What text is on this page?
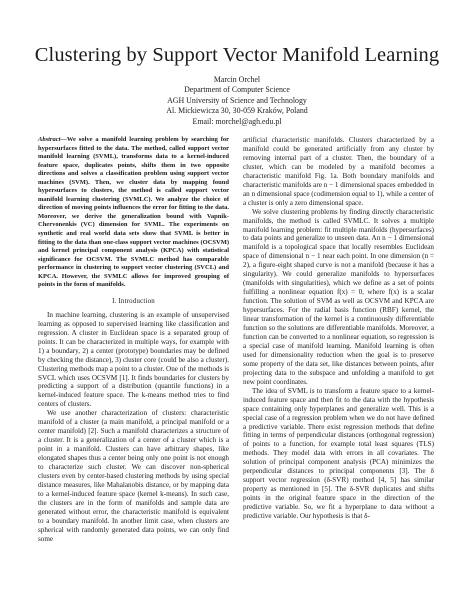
Clustering by Support Vector Manifold Learning
Marcin Orchel
Department of Computer Science
AGH University of Science and Technology
Al. Mickiewicza 30, 30-059 Kraków, Poland
Email: morchel@agh.edu.pl

Abstract—We solve a manifold learning problem by searching for hypersurfaces fitted to the data. The method, called support vector manifold learning (SVML), transforms data to a kernel-induced feature space, duplicates points, shifts them in two opposite directions and solves a classification problem using support vector machines (SVM). Then, we cluster data by mapping found hypersurfaces to clusters, the method is called support vector manifold learning clustering (SVMLC). We analyze the choice of direction of moving points influences the error for fitting to the data. Moreover, we derive the generalization bound with Vapnik-Chervonenkis (VC) dimension for SVML. The experiments on synthetic and real world data sets show that SVML is better in fitting to the data than one-class support vector machines (OCSVM) and kernel principal component analysis (KPCA) with statistical significance for OCSVM. The SVMLC method has comparable performance in clustering to support vector clustering (SVCL) and KPCA. However, the SVMLC allows for improved grouping of points in the form of manifolds.

I. Introduction

In machine learning, clustering is an example of unsupervised learning as opposed to supervised learning like classification and regression. A cluster in Euclidean space is a separated group of points. It can be characterized in multiple ways, for example with 1) a boundary, 2) a center (prototype) boundaries may be defined by checking the distance), 3) cluster core (could be also a cluster). Clustering methods map a point to a cluster. One of the methods is SVCL which uses OCSVM [1]. It finds boundaries for clusters by predicting a support of a distribution (quantile functions) in a kernel-induced feature space. The k-means method tries to find centers of clusters.

We use another characterization of clusters: characteristic manifold of a cluster (a main manifold, a principal manifold or a center manifold) [2]. Such a manifold characterizes a structure of a cluster. It is a generalization of a center of a cluster which is a point in a manifold. Clusters can have arbitrary shapes, like elongated shapes thus a center being only one point is not enough to characterize such cluster. We can discover non-spherical clusters even by center-based clustering methods by using special distance measures, like Mahalanobis distance, or by mapping data to a kernel-induced feature space (kernel k-means). In such case, the clusters are in the form of manifolds and sample data are generated without error, the characteristic manifold is equivalent to a boundary manifold. In another limit case, when clusters are spherical with randomly generated data points, we can only find some

artificial characteristic manifolds. Clusters characterized by a manifold could be generated artificially from any cluster by removing internal part of a cluster. Then, the boundary of a cluster, which can be modeled by a manifold becomes a characteristic manifold Fig. 1a. Both boundary manifolds and characteristic manifolds are n − 1 dimensional spaces embedded in an n dimensional space (codimension equal to 1), while a center of a cluster is only a zero dimensional space.

We solve clustering problems by finding directly characteristic manifolds, the method is called SVMLC. It solves a multiple manifold learning problem: fit multiple manifolds (hypersurfaces) to data points and generalize to unseen data. An n − 1 dimensional manifold is a topological space that locally resembles Euclidean space of dimensional n − 1 near each point. In one dimension (n = 2), a figure-eight shaped curve is not a manifold (because it has a singularity). We could generalize manifolds to hypersurfaces (manifolds with singularities), which we define as a set of points fulfilling a nonlinear equation f(x) = 0, where f(x) is a scalar function. The solution of SVM as well as OCSVM and KPCA are hypersurfaces. For the radial basis function (RBF) kernel, the linear transformation of the kernel is a continuously differentiable function so the solutions are differentiable manifolds. Moreover, a function can be converted to a nonlinear equation, so regression is a special case of manifold learning. Manifold learning is often used for dimensionality reduction when the goal is to preserve some property of the data set, like distances between points, after projecting data to the subspace and unfolding a manifold to get new point coordinates.

The idea of SVML is to transform a feature space to a kernel-induced feature space and then fit to the data with the hypothesis space containing only hyperplanes and generalize well. This is a special case of a regression problem when we do not have defined a predictive variable. There exist regression methods that define fitting in terms of perpendicular distances (orthogonal regression) of points to a function, for example total least squares (TLS) methods. They model data with errors in all covariates. The solution of principal component analysis (PCA) minimizes the perpendicular distances to principal components [3]. The δ support vector regression (δ-SVR) method [4, 5] has similar property as mentioned in [5]. The δ-SVR duplicates and shifts points in the original feature space in the direction of the predictive variable. So, we fit a hyperplane to data without a predictive variable. Our hypothesis is that δ-
